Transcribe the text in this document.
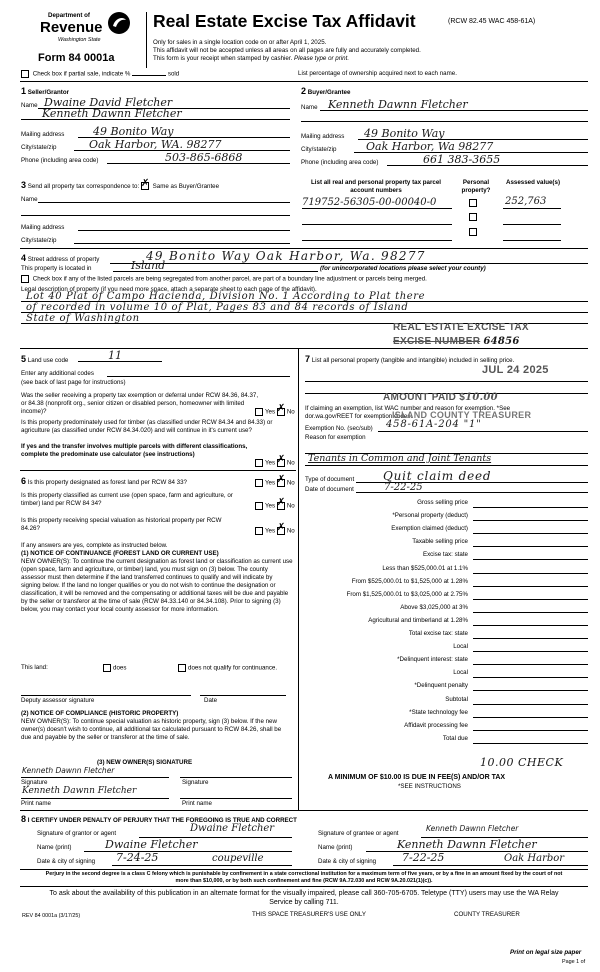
Department of
Revenue
Washington State
Form 84 0001a
Real Estate Excise Tax Affidavit	(RCW 82.45 WAC 458-61A)
Only for sales in a single location code on or after April 1, 2025.
This affidavit will not be accepted unless all areas on all pages are fully and accurately completed.
This form is your receipt when stamped by cashier. Please type or print.
Check box if partial sale, indicate %	sold	List percentage of ownership acquired next to each name.
1 Seller/Grantor
Name Dwaine David Fletcher
Kenneth Dawnn Fletcher
Mailing address	49 Bonito Way
City/state/zip	Oak Harbor, WA. 98277
Phone (including area code)	503-865-6868
2 Buyer/Grantee
Name Kenneth Dawnn Fletcher
Mailing address 49 Bonito Way
City/state/zip	Oak Harbor, Wa 98277
Phone (including area code)	661 383-3655
3 Send all property tax correspondence to: ✗ Same as Buyer/Grantee
Name
Mailing address
City/state/zip
List all real and personal property tax parcel account numbers
Personal property?
Assessed value(s)
719752-56305-00-00040-0	252,763
4 Street address of property	49 Bonito Way Oak Harbor, Wa. 98277
This property is located in	Island	(for unincorporated locations please select your county)
Check box if any of the listed parcels are being segregated from another parcel, are part of a boundary line adjustment or parcels being merged.
Legal description of property (if you need more space, attach a separate sheet to each page of the affidavit).
Lot 40 Plat of Campo Hacienda, Division No. 1 According to Plat there
of recorded in volume 10 of Plat, Pages 83 and 84 records of Island
State of Washington
REAL ESTATE EXCISE TAX
EXCISE NUMBER 64856
5 Land use code	11
Enter any additional codes
(see back of last page for instructions)
Was the seller receiving a property tax exemption or deferral under RCW 84.36, 84.37, or 84.38 (nonprofit org., senior citizen or disabled person, homeowner with limited income)?	Yes ✗ No
Is this property predominately used for timber (as classified under RCW 84.34 and 84.33) or agriculture (as classified under RCW 84.34.020) and will continue in it's current use?
If yes and the transfer involves multiple parcels with different classifications, complete the predominate use calculator (see instructions)
Yes ✗ No
6 Is this property designated as forest land per RCW 84 33?	Yes ✗ No
Is this property classified as current use (open space, farm and agriculture, or timber) land per RCW 84 34?	Yes ✗ No
Is this property receiving special valuation as historical property per RCW 84.26?	Yes ✗ No
If any answers are yes, complete as instructed below.
(1) NOTICE OF CONTINUANCE (FOREST LAND OR CURRENT USE)
NEW OWNER(S): To continue the current designation as forest land or classification as current use (open space, farm and agriculture, or timber) land, you must sign on (3) below. The county assessor must then determine if the land transferred continues to qualify and will indicate by signing below. If the land no longer qualifies or you do not wish to continue the designation or classification, it will be removed and the compensating or additional taxes will be due and payable by the seller or transferor at the time of sale (RCW 84.33.140 or 84.34.108). Prior to signing (3) below, you may contact your local county assessor for more information.
This land:	does	does not qualify for continuance.
Deputy assessor signature	Date
(2) NOTICE OF COMPLIANCE (HISTORIC PROPERTY)
NEW OWNER(S): To continue special valuation as historic property, sign (3) below. If the new owner(s) doesn't wish to continue, all additional tax calculated pursuant to RCW 84.26, shall be due and payable by the seller or transferor at the time of sale.
(3) NEW OWNER(S) SIGNATURE
Kenneth Dawnn Fletcher
Signature	Signature
Kenneth Dawnn Fletcher
Print name	Print name
7 List all personal property (tangible and intangible) included in selling price.
JUL 24 2025
AMOUNT PAID $10.00
If claiming an exemption, list WAC number and reason for exemption. *See dor.wa.gov/REET for exemption codes.
ISLAND COUNTY TREASURER
Exemption No. (sec/sub) 458-61A-204 "1"
Reason for exemption
Tenants in Common and Joint Tenants
Type of document Quit claim deed
Date of document	7-22-25
Gross selling price
*Personal property (deduct)
Exemption claimed (deduct)
Taxable selling price
Excise tax: state
Less than $525,000.01 at 1.1%
From $525,000.01 to $1,525,000 at 1.28%
From $1,525,000.01 to $3,025,000 at 2.75%
Above $3,025,000 at 3%
Agricultural and timberland at 1.28%
Total excise tax: state
Local
*Delinquent interest: state
Local
*Delinquent penalty
Subtotal
*State technology fee
Affidavit processing fee
Total due
10.00 CHECK
A MINIMUM OF $10.00 IS DUE IN FEE(S) AND/OR TAX
*SEE INSTRUCTIONS
8 I CERTIFY UNDER PENALTY OF PERJURY THAT THE FOREGOING IS TRUE AND CORRECT
Signature of grantor or agent	Dwaine Fletcher	Signature of grantee or agent
Kenneth Dawnn Fletcher
Name (print)	Dwaine Fletcher	Name (print)	Kenneth Dawnn Fletcher
Date & city of signing 7-24-25	coupeville	Date & city of signing 7-22-25	Oak Harbor
Perjury in the second degree is a class C felony which is punishable by confinement in a state correctional institution for a maximum term of five years, or by a fine in an amount fixed by the court of not more than $10,000, or by both such confinement and fine (RCW 9A.72.030 and RCW 9A.20.021(1)(c)).
To ask about the availability of this publication in an alternate format for the visually impaired, please call 360-705-6705. Teletype (TTY) users may use the WA Relay Service by calling 711.
REV 84 0001a (3/17/25)	THIS SPACE TREASURER'S USE ONLY	COUNTY TREASURER
Print on legal size paper
Page 1 of
